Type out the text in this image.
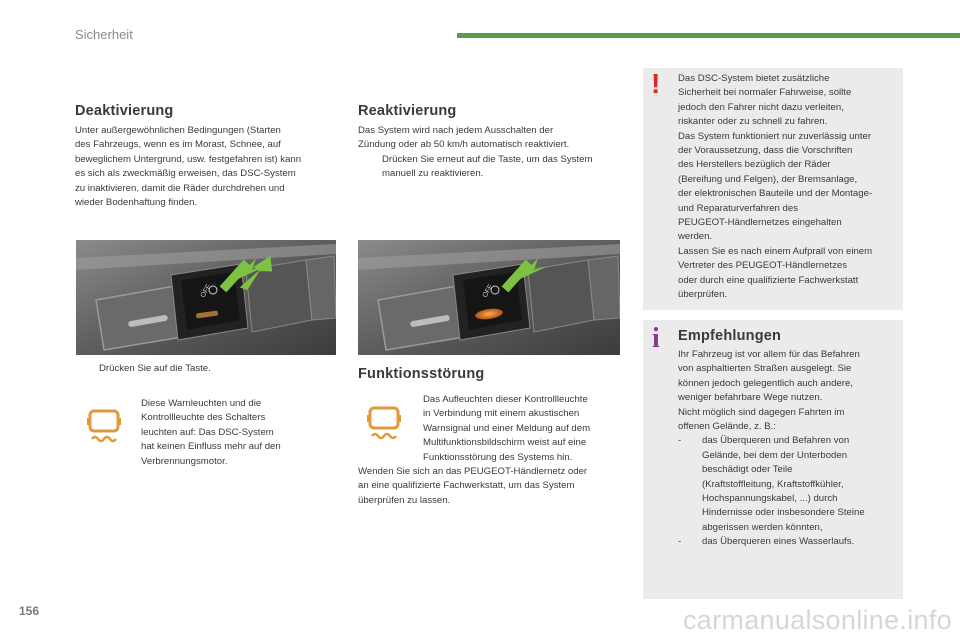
Sicherheit
Deaktivierung

Unter außergewöhnlichen Bedingungen (Starten

des Fahrzeugs, wenn es im Morast, Schnee, auf

beweglichem Untergrund, usw. festgefahren ist) kann

es sich als zweckmäßig erweisen, das DSC-System

zu inaktivieren, damit die Räder durchdrehen und

wieder Bodenhaftung finden.

OFF

Drücken Sie auf die Taste.

Diese Warnleuchten und die

Kontrollleuchte des Schalters

leuchten auf: Das DSC-System

hat keinen Einfluss mehr auf den

Verbrennungsmotor.

Reaktivierung

Das System wird nach jedem Ausschalten der

Zündung oder ab 50 km/h automatisch reaktiviert.

Drücken Sie erneut auf die Taste, um das System

manuell zu reaktivieren.

OFF
Funktionsstörung

Das Aufleuchten dieser Kontrollleuchte

in Verbindung mit einem akustischen

Warnsignal und einer Meldung auf dem

Multifunktionsbildschirm weist auf eine

Funktionsstörung des Systems hin.

Wenden Sie sich an das PEUGEOT-Händlernetz oder

an eine qualifizierte Fachwerkstatt, um das System

überprüfen zu lassen.

! Das DSC-System bietet zusätzliche

Sicherheit bei normaler Fahrweise, sollte

jedoch den Fahrer nicht dazu verleiten,

riskanter oder zu schnell zu fahren.

Das System funktioniert nur zuverlässig unter

der Voraussetzung, dass die Vorschriften

des Herstellers bezüglich der Räder

(Bereifung und Felgen), der Bremsanlage,

der elektronischen Bauteile und der Montage-

und Reparaturverfahren des

PEUGEOT-Händlernetzes eingehalten

werden.

Lassen Sie es nach einem Aufprall von einem

Vertreter des PEUGEOT-Händlernetzes

oder durch eine qualifizierte Fachwerkstatt

überprüfen.

i Empfehlungen

Ihr Fahrzeug ist vor allem für das Befahren

von asphaltierten Straßen ausgelegt. Sie

können jedoch gelegentlich auch andere,

weniger befahrbare Wege nutzen.

Nicht möglich sind dagegen Fahrten im

offenen Gelände, z. B.:

- das Überqueren und Befahren von

Gelände, bei dem der Unterboden

beschädigt oder Teile

(Kraftstoffleitung, Kraftstoffkühler,

Hochspannungskabel, ...) durch

Hindernisse oder insbesondere Steine

abgerissen werden könnten,

- das Überqueren eines Wasserlaufs.

156	carmanualsonline.info
